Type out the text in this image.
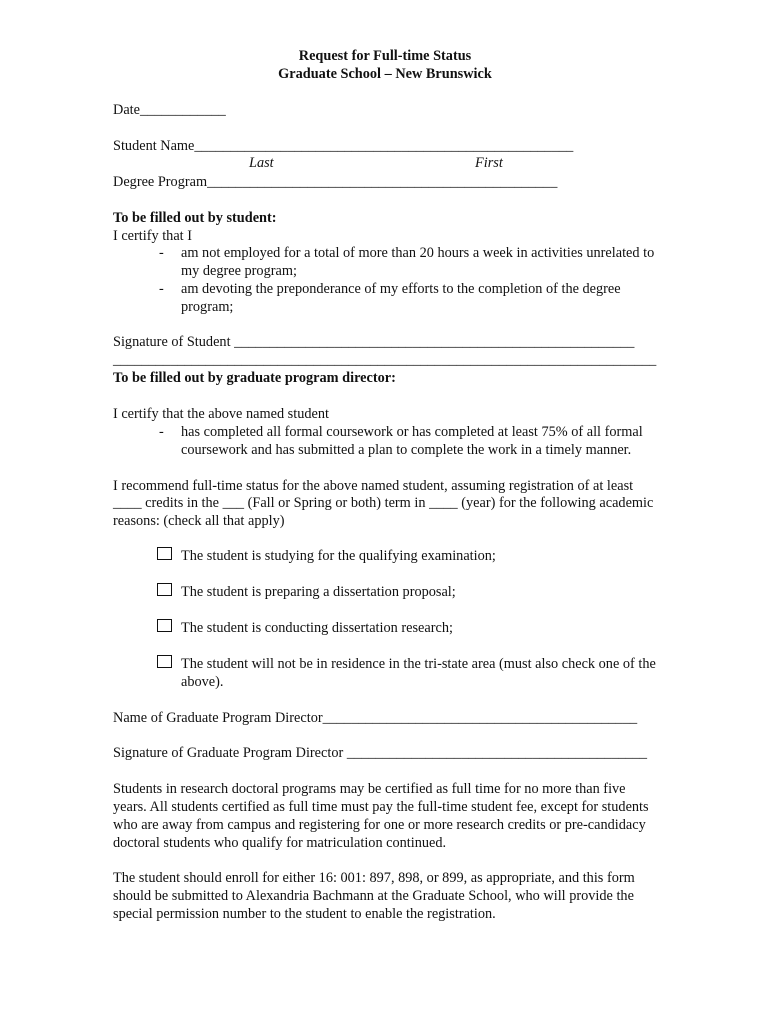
Request for Full-time Status
Graduate School – New Brunswick
Date____________
Student Name_____________________________________________________
Last	First
Degree Program_________________________________________________
To be filled out by student:
I certify that I
- am not employed for a total of more than 20 hours a week in activities unrelated to
my degree program;
- am devoting the preponderance of my efforts to the completion of the degree
program;
Signature of Student ________________________________________________________
____________________________________________________________________________
To be filled out by graduate program director:
I certify that the above named student
- has completed all formal coursework or has completed at least 75% of all formal
coursework and has submitted a plan to complete the work in a timely manner.
I recommend full-time status for the above named student, assuming registration of at least
____ credits in the ___ (Fall or Spring or both) term in ____ (year) for the following academic
reasons: (check all that apply)
The student is studying for the qualifying examination;
The student is preparing a dissertation proposal;
The student is conducting dissertation research;
The student will not be in residence in the tri-state area (must also check one of the
above).
Name of Graduate Program Director____________________________________________
Signature of Graduate Program Director __________________________________________
Students in research doctoral programs may be certified as full time for no more than five
years. All students certified as full time must pay the full-time student fee, except for students
who are away from campus and registering for one or more research credits or pre-candidacy
doctoral students who qualify for matriculation continued.
The student should enroll for either 16: 001: 897, 898, or 899, as appropriate, and this form
should be submitted to Alexandria Bachmann at the Graduate School, who will provide the
special permission number to the student to enable the registration.
